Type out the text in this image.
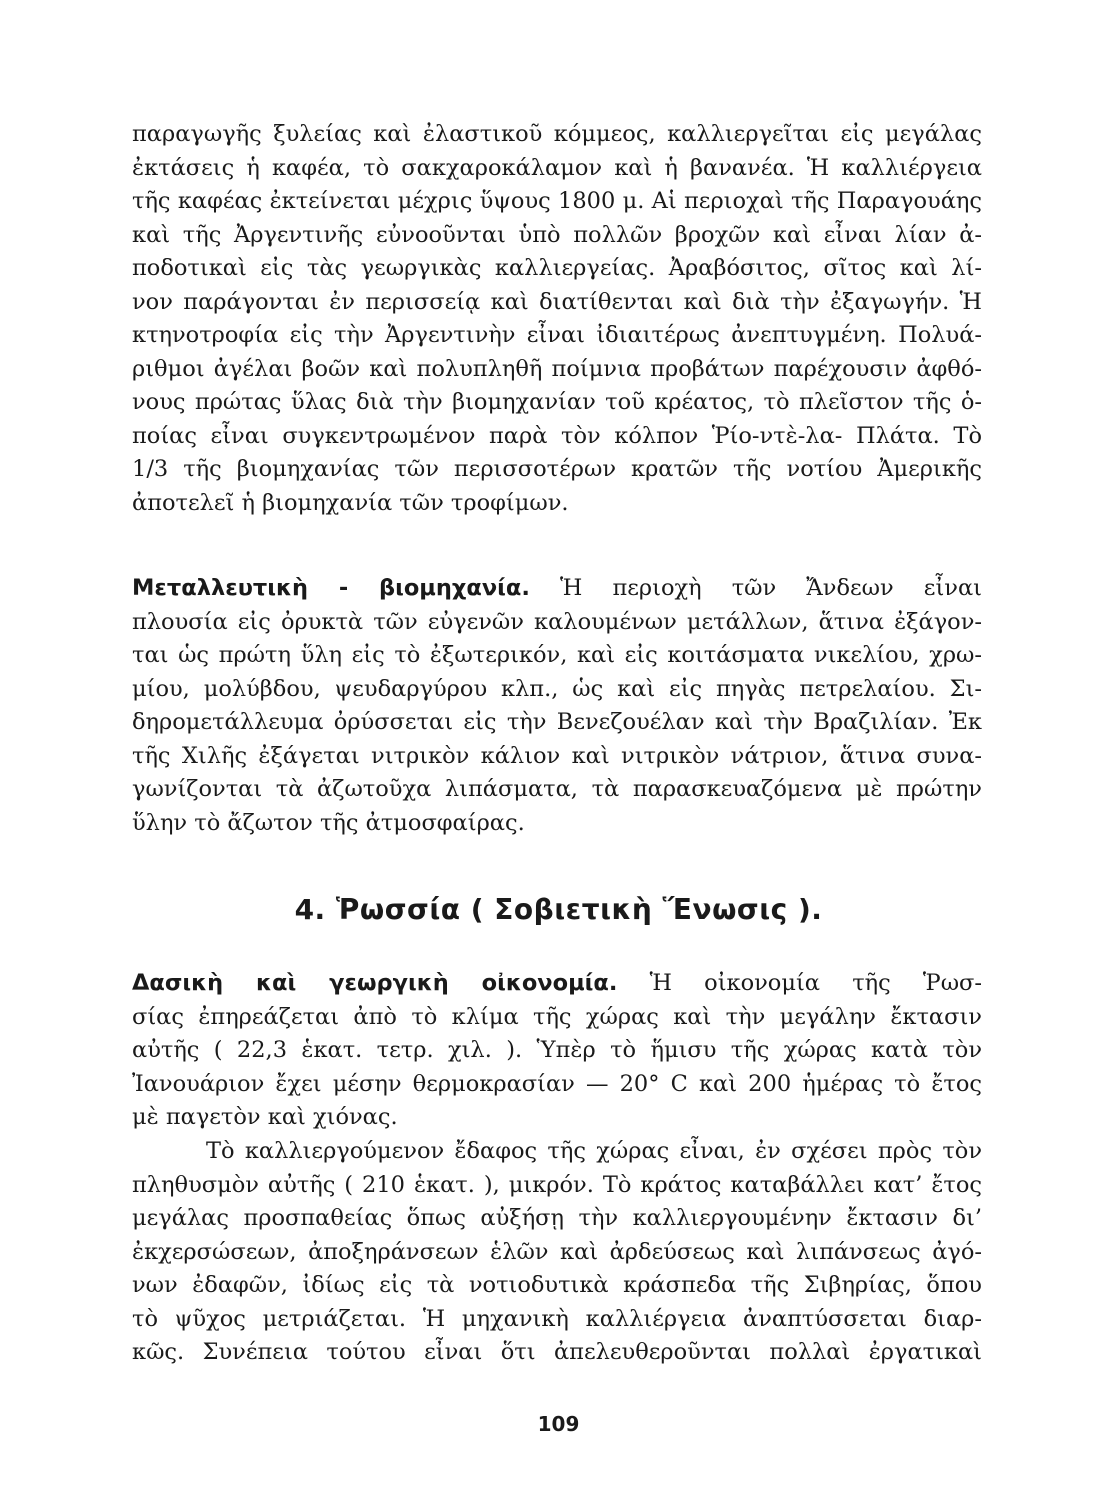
παραγωγῆς ξυλείας καὶ ἐλαστικοῦ κόμμεος, καλλιεργεῖται εἰς μεγάλας
ἐκτάσεις ἡ καφέα, τὸ σακχαροκάλαμον καὶ ἡ βανανέα. Ἡ καλλιέργεια
τῆς καφέας ἐκτείνεται μέχρις ὕψους 1800 μ. Αἱ περιοχαὶ τῆς Παραγουάης
καὶ τῆς Ἀργεντινῆς εὐνοοῦνται ὑπὸ πολλῶν βροχῶν καὶ εἶναι λίαν ἀ-
ποδοτικαὶ εἰς τὰς γεωργικὰς καλλιεργείας. Ἀραβόσιτος, σῖτος καὶ λί-
νον παράγονται ἐν περισσείᾳ καὶ διατίθενται καὶ διὰ τὴν ἐξαγωγήν. Ἡ
κτηνοτροφία εἰς τὴν Ἀργεντινὴν εἶναι ἰδιαιτέρως ἀνεπτυγμένη. Πολυά-
ριθμοι ἀγέλαι βοῶν καὶ πολυπληθῆ ποίμνια προβάτων παρέχουσιν ἀφθό-
νους πρώτας ὕλας διὰ τὴν βιομηχανίαν τοῦ κρέατος, τὸ πλεῖστον τῆς ὁ-
ποίας εἶναι συγκεντρωμένον παρὰ τὸν κόλπον Ῥίο-ντὲ-λα- Πλάτα. Τὸ
1/3 τῆς βιομηχανίας τῶν περισσοτέρων κρατῶν τῆς νοτίου Ἀμερικῆς
ἀποτελεῖ ἡ βιομηχανία τῶν τροφίμων.
Μεταλλευτικὴ - βιομηχανία. Ἡ περιοχὴ τῶν Ἄνδεων εἶναι
πλουσία εἰς ὀρυκτὰ τῶν εὐγενῶν καλουμένων μετάλλων, ἅτινα ἐξάγον-
ται ὡς πρώτη ὕλη εἰς τὸ ἐξωτερικόν, καὶ εἰς κοιτάσματα νικελίου, χρω-
μίου, μολύβδου, ψευδαργύρου κλπ., ὡς καὶ εἰς πηγὰς πετρελαίου. Σι-
δηρομετάλλευμα ὀρύσσεται εἰς τὴν Βενεζουέλαν καὶ τὴν Βραζιλίαν. Ἐκ
τῆς Χιλῆς ἐξάγεται νιτρικὸν κάλιον καὶ νιτρικὸν νάτριον, ἅτινα συνα-
γωνίζονται τὰ ἀζωτοῦχα λιπάσματα, τὰ παρασκευαζόμενα μὲ πρώτην
ὕλην τὸ ἄζωτον τῆς ἀτμοσφαίρας.
4. Ῥωσσία ( Σοβιετικὴ Ἕνωσις ).
Δασικὴ καὶ γεωργικὴ οἰκονομία. Ἡ οἰκονομία τῆς Ῥωσ-
σίας ἐπηρεάζεται ἀπὸ τὸ κλίμα τῆς χώρας καὶ τὴν μεγάλην ἔκτασιν
αὐτῆς ( 22,3 ἑκατ. τετρ. χιλ. ). Ὑπὲρ τὸ ἥμισυ τῆς χώρας κατὰ τὸν
Ἰανουάριον ἔχει μέσην θερμοκρασίαν — 20° C καὶ 200 ἡμέρας τὸ ἔτος
μὲ παγετὸν καὶ χιόνας.
Τὸ καλλιεργούμενον ἔδαφος τῆς χώρας εἶναι, ἐν σχέσει πρὸς τὸν
πληθυσμὸν αὐτῆς ( 210 ἑκατ. ), μικρόν. Τὸ κράτος καταβάλλει κατ’ ἔτος
μεγάλας προσπαθείας ὅπως αὐξήσῃ τὴν καλλιεργουμένην ἔκτασιν δι’
ἐκχερσώσεων, ἀποξηράνσεων ἑλῶν καὶ ἀρδεύσεως καὶ λιπάνσεως ἀγό-
νων ἐδαφῶν, ἰδίως εἰς τὰ νοτιοδυτικὰ κράσπεδα τῆς Σιβηρίας, ὅπου
τὸ ψῦχος μετριάζεται. Ἡ μηχανικὴ καλλιέργεια ἀναπτύσσεται διαρ-
κῶς. Συνέπεια τούτου εἶναι ὅτι ἀπελευθεροῦνται πολλαὶ ἐργατικαὶ
109
